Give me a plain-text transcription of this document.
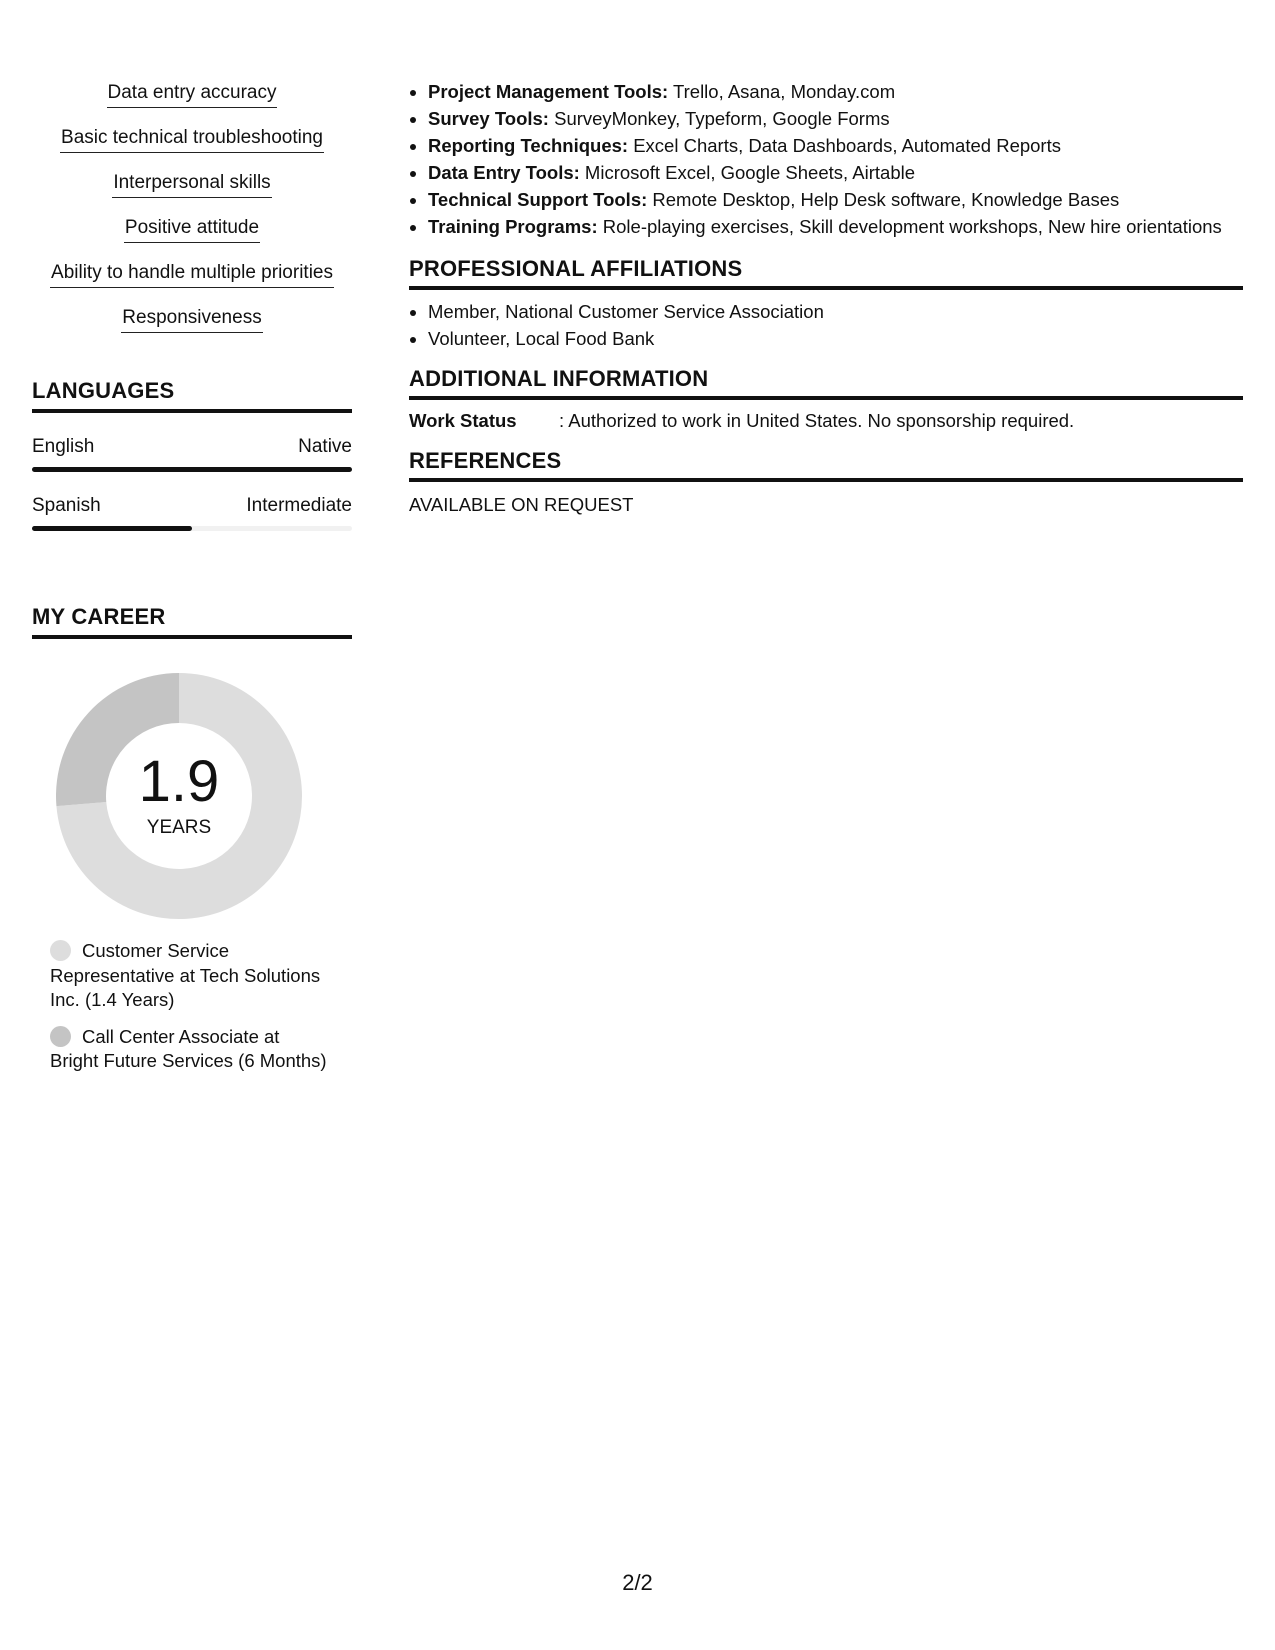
Data entry accuracy
Basic technical troubleshooting
Interpersonal skills
Positive attitude
Ability to handle multiple priorities
Responsiveness
LANGUAGES
English	Native
Spanish	Intermediate
MY CAREER
1.9
YEARS
Customer Service Representative at Tech Solutions Inc. (1.4 Years)
Call Center Associate at Bright Future Services (6 Months)
• Project Management Tools: Trello, Asana, Monday.com
• Survey Tools: SurveyMonkey, Typeform, Google Forms
• Reporting Techniques: Excel Charts, Data Dashboards, Automated Reports
• Data Entry Tools: Microsoft Excel, Google Sheets, Airtable
• Technical Support Tools: Remote Desktop, Help Desk software, Knowledge Bases
• Training Programs: Role-playing exercises, Skill development workshops, New hire orientations
PROFESSIONAL AFFILIATIONS
• Member, National Customer Service Association
• Volunteer, Local Food Bank
ADDITIONAL INFORMATION
Work Status	: Authorized to work in United States. No sponsorship required.
REFERENCES
AVAILABLE ON REQUEST
2/2
